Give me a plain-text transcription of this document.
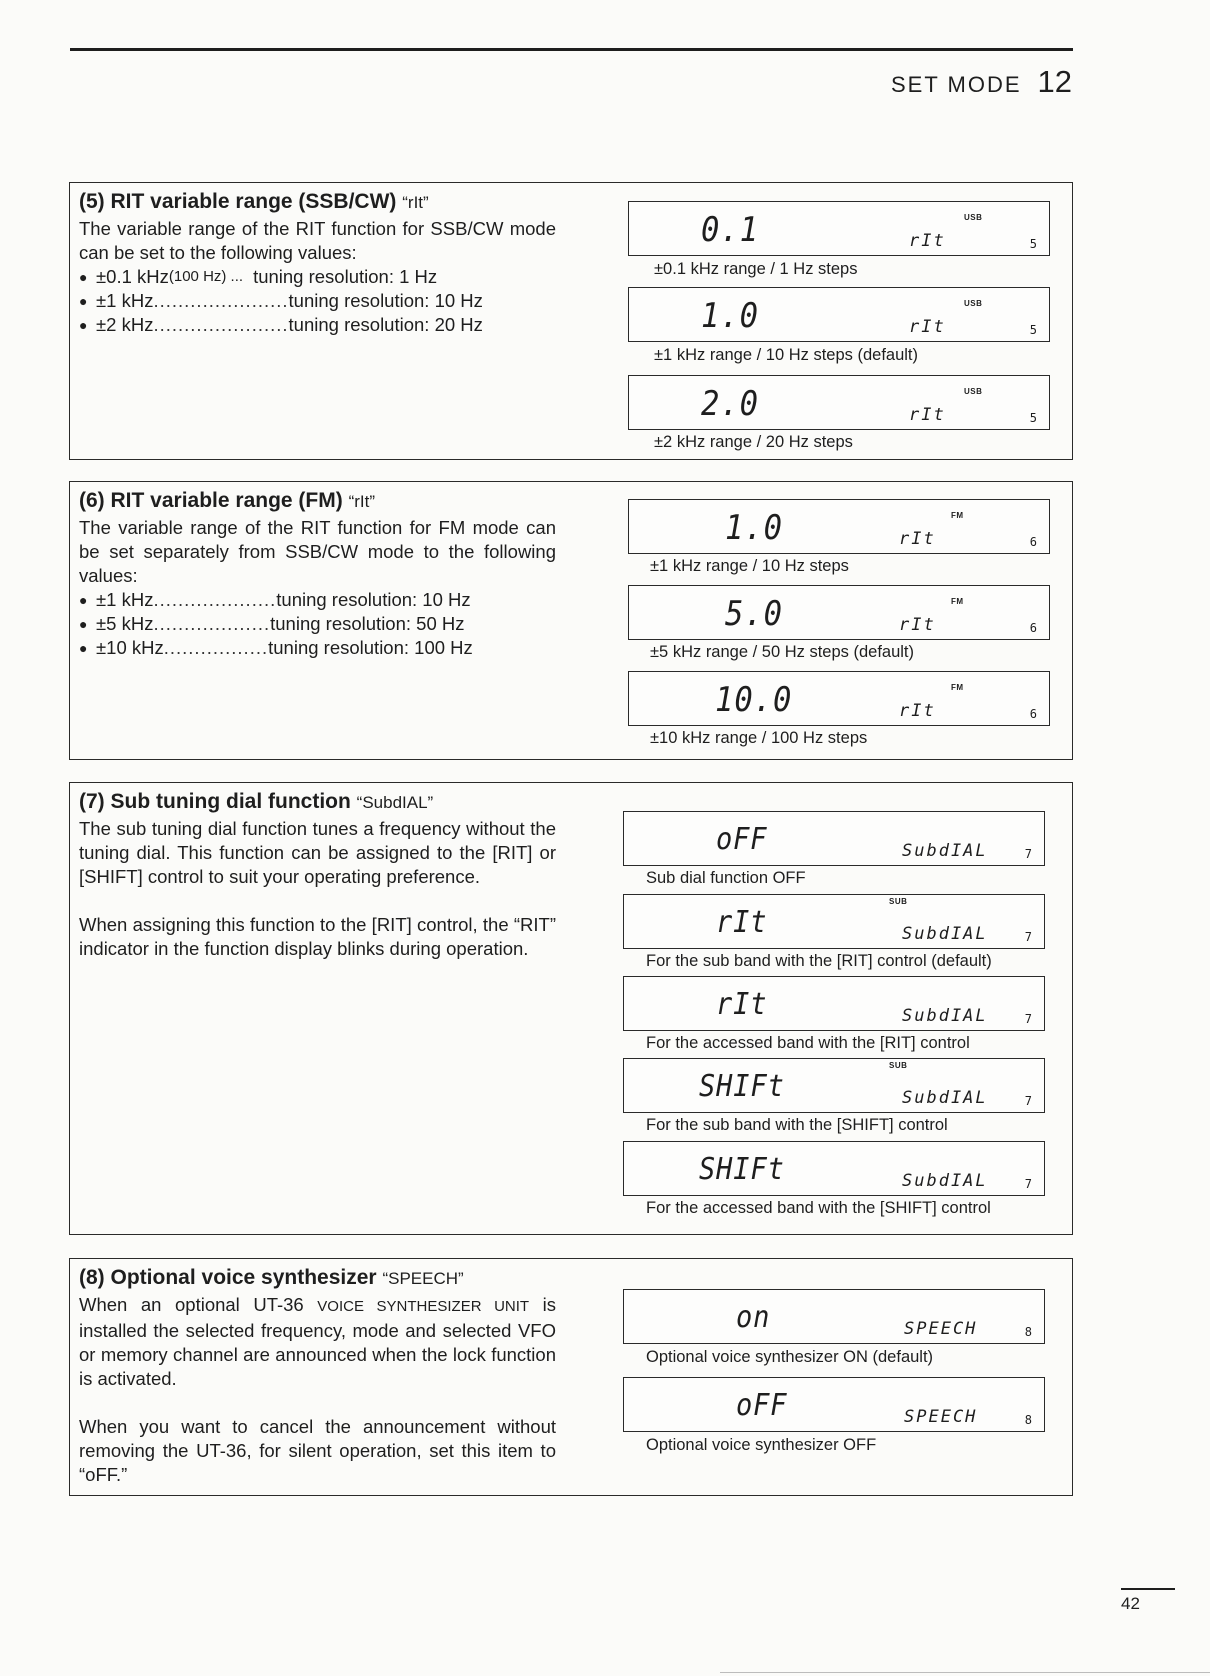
SET MODE 12
(5) RIT variable range (SSB/CW) “rIt”

The variable range of the RIT function for SSB/CW mode can be set to the following values:

● ±0.1 kHz (100 Hz) ... tuning resolution: 1 Hz
● ±1 kHz ...................... tuning resolution: 10 Hz
● ±2 kHz ...................... tuning resolution: 20 Hz
0.1	USB
rIt	5
±0.1 kHz range / 1 Hz steps
1.0	USB
rIt	5
±1 kHz range / 10 Hz steps (default)
2.0	USB
rIt	5
±2 kHz range / 20 Hz steps
(6) RIT variable range (FM) “rIt”

The variable range of the RIT function for FM mode can be set separately from SSB/CW mode to the following values:

● ±1 kHz .................... tuning resolution: 10 Hz
● ±5 kHz ................... tuning resolution: 50 Hz
● ±10 kHz ................. tuning resolution: 100 Hz
1.0	FM
rIt	6
±1 kHz range / 10 Hz steps
5.0	FM
rIt	6
±5 kHz range / 50 Hz steps (default)
10.0	FM
rIt	6
±10 kHz range / 100 Hz steps
(7) Sub tuning dial function “SubdIAL”

The sub tuning dial function tunes a frequency without the tuning dial. This function can be assigned to the [RIT] or [SHIFT] control to suit your operating preference.

When assigning this function to the [RIT] control, the “RIT” indicator in the function display blinks during operation.

oFF	SubdIAL	7
Sub dial function OFF
rIt
SUB
SubdIAL	7
For the sub band with the [RIT] control (default)
rIt	SubdIAL	7
For the accessed band with the [RIT] control
SHIFt
SUB
SubdIAL	7
For the sub band with the [SHIFT] control
SHIFt	SubdIAL	7
For the accessed band with the [SHIFT] control
(8) Optional voice synthesizer “SPEECH”

When an optional UT-36 VOICE SYNTHESIZER UNIT is installed the selected frequency, mode and selected VFO or memory channel are announced when the lock function is activated.

When you want to cancel the announcement without removing the UT-36, for silent operation, set this item to “oFF.”

on	SPEECH	8
Optional voice synthesizer ON (default)
oFF	SPEECH	8
Optional voice synthesizer OFF
42
